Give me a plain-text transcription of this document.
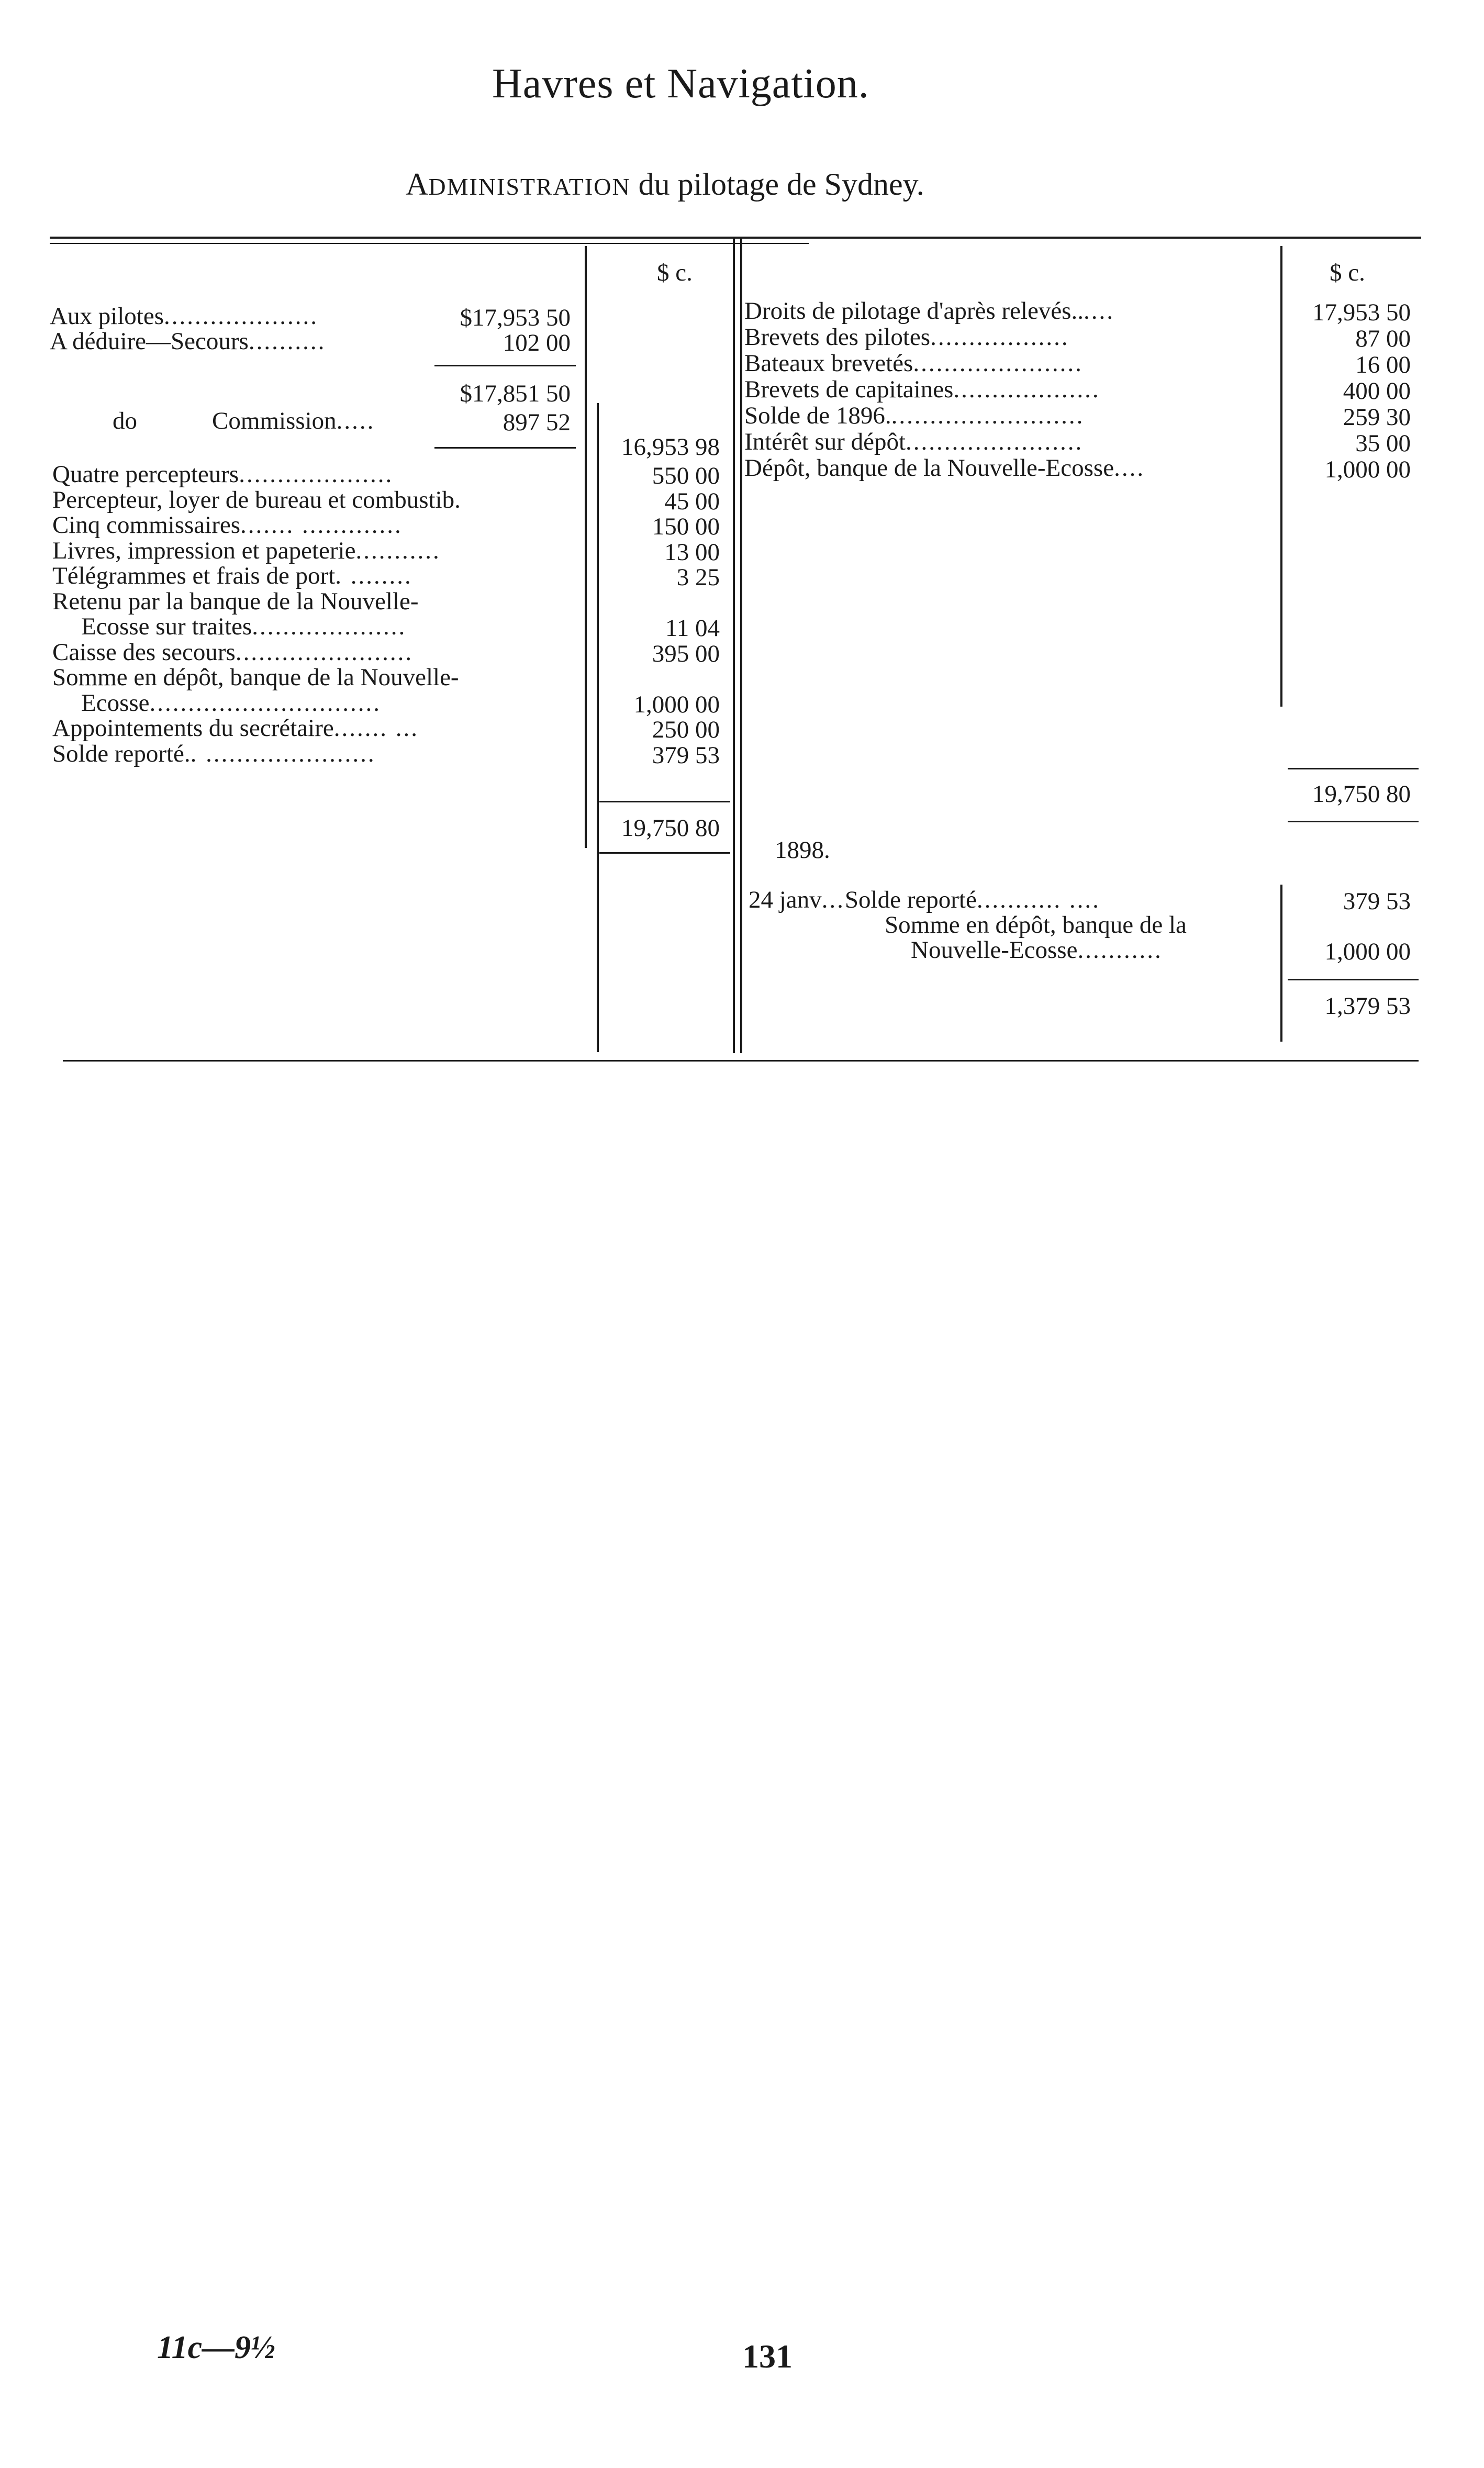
Havres et Navigation.
ADMINISTRATION du pilotage de Sydney.
$ c.	$ c.
Aux pilotes....................	$17,953 50
A déduire—Secours..........	102 00
$17,851 50
do	Commission.....	897 52
16,953 98
Quatre percepteurs....................	550 00
Percepteur, loyer de bureau et combustib.	45 00
Cinq commissaires....... .............	150 00
Livres, impression et papeterie...........	13 00
Télégrammes et frais de port. ........	3 25
Retenu par la banque de la Nouvelle-
Ecosse sur traites....................	11 04
Caisse des secours.......................	395 00
Somme en dépôt, banque de la Nouvelle-
Ecosse..............................	1,000 00
Appointements du secrétaire....... ...	250 00
Solde reporté.. ......................	379 53
19,750 80
Droits de pilotage d'après relevés......	17,953 50
Brevets des pilotes..................	87 00
Bateaux brevetés......................	16 00
Brevets de capitaines...................	400 00
Solde de 1896..........................	259 30
Intérêt sur dépôt.......................	35 00
Dépôt, banque de la Nouvelle-Ecosse....	1,000 00
19,750 80
1898.
24 janv...Solde reporté........... ....	379 53
Somme en dépôt, banque de la
Nouvelle-Ecosse...........	1,000 00
1,379 53
11c—9½	131
